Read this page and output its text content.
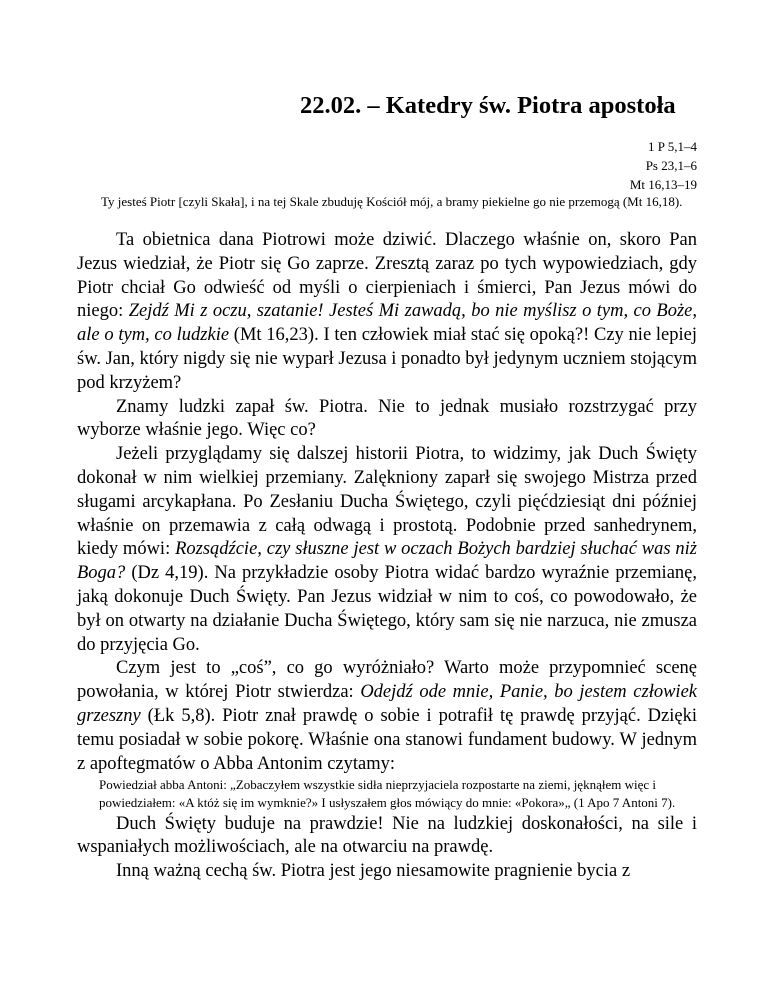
22.02. – Katedry św. Piotra apostoła
1 P 5,1–4
Ps 23,1–6
Mt 16,13–19

Ty jesteś Piotr [czyli Skała], i na tej Skale zbuduję Kościół mój, a bramy piekielne go nie przemogą (Mt 16,18).

Ta obietnica dana Piotrowi może dziwić. Dlaczego właśnie on, skoro Pan Jezus wiedział, że Piotr się Go zaprze. Zresztą zaraz po tych wypowiedziach, gdy Piotr chciał Go odwieść od myśli o cierpieniach i śmierci, Pan Jezus mówi do niego: Zejdź Mi z oczu, szatanie! Jesteś Mi zawadą, bo nie myślisz o tym, co Boże, ale o tym, co ludzkie (Mt 16,23). I ten człowiek miał stać się opoką?! Czy nie lepiej św. Jan, który nigdy się nie wyparł Jezusa i ponadto był jedynym uczniem stojącym pod krzyżem?

Znamy ludzki zapał św. Piotra. Nie to jednak musiało rozstrzygać przy wyborze właśnie jego. Więc co?

Jeżeli przyglądamy się dalszej historii Piotra, to widzimy, jak Duch Święty dokonał w nim wielkiej przemiany. Zalękniony zaparł się swojego Mistrza przed sługami arcykapłana. Po Zesłaniu Ducha Świętego, czyli pięćdziesiąt dni później właśnie on przemawia z całą odwagą i prostotą. Podobnie przed sanhedrynem, kiedy mówi: Rozsądźcie, czy słuszne jest w oczach Bożych bardziej słuchać was niż Boga? (Dz 4,19). Na przykładzie osoby Piotra widać bardzo wyraźnie przemianę, jaką dokonuje Duch Święty. Pan Jezus widział w nim to coś, co powodowało, że był on otwarty na działanie Ducha Świętego, który sam się nie narzuca, nie zmusza do przyjęcia Go.

Czym jest to „coś”, co go wyróżniało? Warto może przypomnieć scenę powołania, w której Piotr stwierdza: Odejdź ode mnie, Panie, bo jestem człowiek grzeszny (Łk 5,8). Piotr znał prawdę o sobie i potrafił tę prawdę przyjąć. Dzięki temu posiadał w sobie pokorę. Właśnie ona stanowi fundament budowy. W jednym z apoftegmatów o Abba Antonim czytamy:

Powiedział abba Antoni: „Zobaczyłem wszystkie sidła nieprzyjaciela rozpostarte na ziemi, jęknąłem więc i powiedziałem: «A któż się im wymknie?» I usłyszałem głos mówiący do mnie: «Pokora»„ (1 Apo 7 Antoni 7).

Duch Święty buduje na prawdzie! Nie na ludzkiej doskonałości, na sile i wspaniałych możliwościach, ale na otwarciu na prawdę.

Inną ważną cechą św. Piotra jest jego niesamowite pragnienie bycia z
